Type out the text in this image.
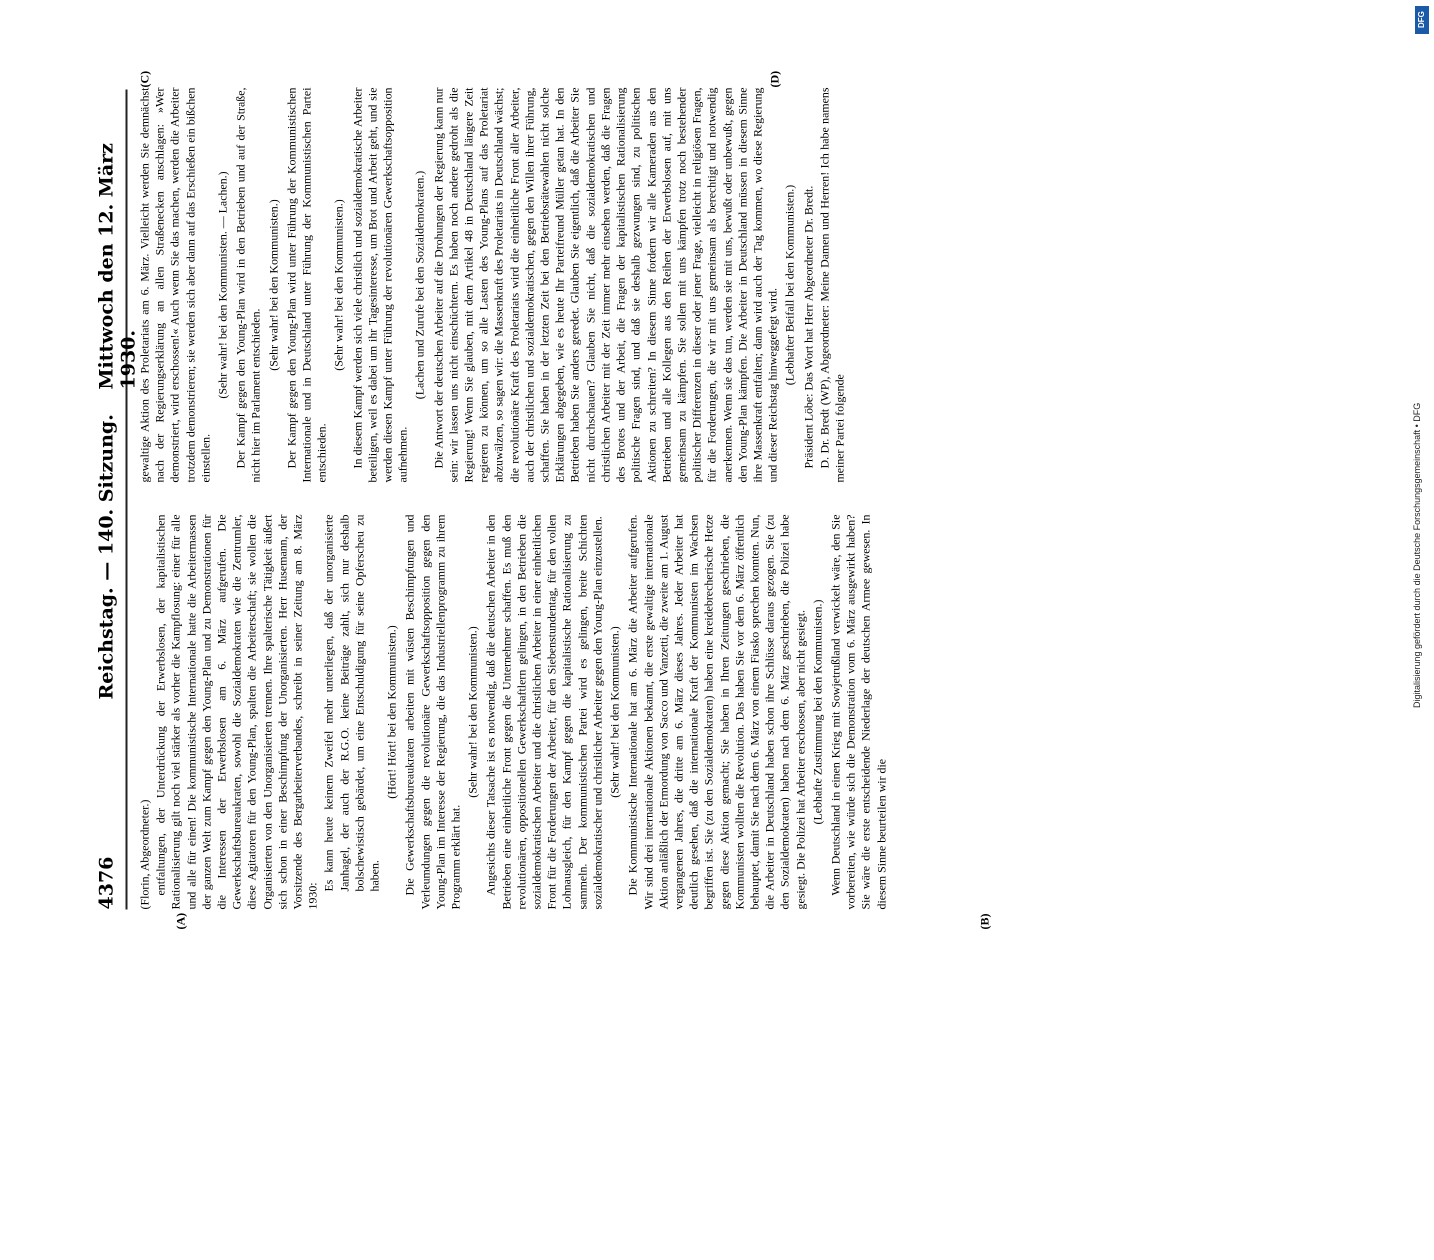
Digitalisierung gefördert durch die Deutsche Forschungsgemeinschaft • DFG
4376
Reichstag. — 140. Sitzung.
Mittwoch den 12. März 1930.

(Florin, Abgeordneter.) entfaltungen, der Unterdrückung der Erwerbslosen, der kapitalistischen Rationalisierung gilt noch viel stärker als vorher die Kampflosung: einer für alle und alle für einen! Die kommunistische Internationale hatte die Arbeitermassen der ganzen Welt zum Kampf gegen den Young-Plan und zu Demonstrationen für die Interessen der Erwerbslosen am 6. März aufgerufen. Die Gewerkschaftsbureaukraten, sowohl die Sozialdemokraten wie die Zentrumler, diese Agitatoren für den Young-Plan, spalten die Arbeiterschaft; sie wollen die Organisierten von den Unorganisierten trennen. Ihre spalterische Tätigkeit äußert sich schon in einer Beschimpfung der Unorganisierten. Herr Husemann, der Vorsitzende des Bergarbeiterverbandes, schreibt in seiner Zeitung am 8. März 1930:

Es kann heute keinem Zweifel mehr unterliegen, daß der unorganisierte Janhagel, der auch der R.G.O. keine Beiträge zahlt, sich nur deshalb bolschewistisch gebärdet, um eine Entschuldigung für seine Opferscheu zu haben.

(Hört! Hört! bei den Kommunisten.) Die Gewerkschaftsbureaukraten arbeiten mit wüsten Beschimpfungen und Verleumdungen gegen die revolutionäre Gewerkschaftsopposition gegen den Young-Plan im Interesse der Regierung, die das Industriellenprogramm zu ihrem Programm erklärt hat.

(Sehr wahr! bei den Kommunisten.) Angesichts dieser Tatsache ist es notwendig, daß die deutschen Arbeiter in den Betrieben eine einheitliche Front gegen die Unternehmer schaffen. Es muß den revolutionären, oppositionellen Gewerkschaftlern gelingen, in den Betrieben die sozialdemokratischen Arbeiter und die christlichen Arbeiter in einer einheitlichen Front für die Forderungen der Arbeiter, für den Siebenstundentag, für den vollen Lohnausgleich, für den Kampf gegen die kapitalistische Rationalisierung zu sammeln. Der kommunistischen Partei wird es gelingen, breite Schichten sozialdemokratischer und christlicher Arbeiter gegen den Young-Plan einzustellen. (Sehr wahr! bei den Kommunisten.) Die Kommunistische Internationale hat am 6. März die Arbeiter aufgerufen. Wir sind drei internationale Aktionen bekannt, die erste gewaltige internationale Aktion anläßlich der Ermordung von Sacco und Vanzetti, die zweite am 1. August vergangenen Jahres, die dritte am 6. März dieses Jahres. Jeder Arbeiter hat deutlich gesehen, daß die internationale Kraft der Kommunisten im Wachsen begriffen ist. Sie (zu den Sozialdemokraten) haben eine kreidebrecherische Hetze gegen diese Aktion gemacht; Sie haben in Ihren Zeitungen geschrieben, die Kommunisten wollten die Revolution. Das haben Sie vor dem 6. März öffentlich behauptet, damit Sie nach dem 6. März von einem Fiasko sprechen konnten. Nun, die Arbeiter in Deutschland haben schon ihre Schlüsse daraus gezogen. Sie (zu den Sozialdemokraten) haben nach dem 6. März geschrieben, die Polizei habe gesiegt. Die Polizei hat Arbeiter erschossen, aber nicht gesiegt. (Lebhafte Zustimmung bei den Kommunisten.) Wenn Deutschland in einen Krieg mit Sowjetrußland verwickelt wäre, den Sie vorbereiten, wie würde sich die Demonstration vom 6. März ausgewirkt haben? Sie wäre die erste entscheidende Niederlage der deutschen Armee gewesen. In diesem Sinne beurteilen wir die

gewaltige Aktion des Proletariats am 6. März. Vielleicht werden Sie demnächst nach der Regierungserklärung an allen Straßenecken anschlagen: »Wer demonstriert, wird erschossen!« Auch wenn Sie das machen, werden die Arbeiter trotzdem demonstrieren; sie werden sich aber dann auf das Erschießen ein bißchen einstellen.

(Sehr wahr! bei den Kommunisten. — Lachen.) Der Kampf gegen den Young-Plan wird in den Betrieben und auf der Straße, nicht hier im Parlament entschieden.

(Sehr wahr! bei den Kommunisten.) Der Kampf gegen den Young-Plan wird unter Führung der Kommunistischen Internationale und in Deutschland unter Führung der Kommunistischen Partei entschieden.

(Sehr wahr! bei den Kommunisten.) In diesem Kampf werden sich viele christlich und sozialdemokratische Arbeiter beteiligen, weil es dabei um ihr Tagesinteresse, um Brot und Arbeit geht, und sie werden diesen Kampf unter Führung der revolutionären Gewerkschaftsopposition aufnehmen.

(Lachen und Zurufe bei den Sozialdemokraten.) Die Antwort der deutschen Arbeiter auf die Drohungen der Regierung kann nur sein: wir lassen uns nicht einschüchtern. Es haben noch andere gedroht als die Regierung! Wenn Sie glauben, mit dem Artikel 48 in Deutschland längere Zeit regieren zu können, um so alle Lasten des Young-Plans auf das Proletariat abzuwälzen, so sagen wir: die Massenkraft des Proletariats in Deutschland wächst; die revolutionäre Kraft des Proletariats wird die einheitliche Front aller Arbeiter, auch der christlichen und sozialdemokratischen, gegen den Willen ihrer Führung, schaffen. Sie haben in der letzten Zeit bei den Betriebsrätewahlen nicht solche Erklärungen abgegeben, wie es heute Ihr Parteifreund Müller getan hat. In den Betrieben haben Sie anders geredet. Glauben Sie eigentlich, daß die Arbeiter Sie nicht durchschauen? Glauben Sie nicht, daß die sozialdemokratischen und christlichen Arbeiter mit der Zeit immer mehr einsehen werden, daß die Fragen des Brotes und der Arbeit, die Fragen der kapitalistischen Rationalisierung politische Fragen sind, und daß sie deshalb gezwungen sind, zu politischen Aktionen zu schreiten? In diesem Sinne fordern wir alle Kameraden aus den Betrieben und alle Kollegen aus den Reihen der Erwerbslosen auf, mit uns gemeinsam zu kämpfen. Sie sollen mit uns kämpfen trotz noch bestehender politischer Differenzen in dieser oder jener Frage, vielleicht in religiösen Fragen, für die Forderungen, die wir mit uns gemeinsam als berechtigt und notwendig anerkennen. Wenn sie das tun, werden sie mit uns, bewußt oder unbewußt, gegen den Young-Plan kämpfen. Die Arbeiter in Deutschland müssen in diesem Sinne ihre Massenkraft entfalten; dann wird auch der Tag kommen, wo diese Regierung und dieser Reichstag hinweggefegt wird.

(Lebhafter Beifall bei den Kommunisten.) Präsident Löbe: Das Wort hat Herr Abgeordneter Dr. Bredt. D. Dr. Bredt (WP), Abgeordneter: Meine Damen und Herren! Ich habe namens meiner Partei folgende

(A)	(B)
(C)	(D)
DFG
